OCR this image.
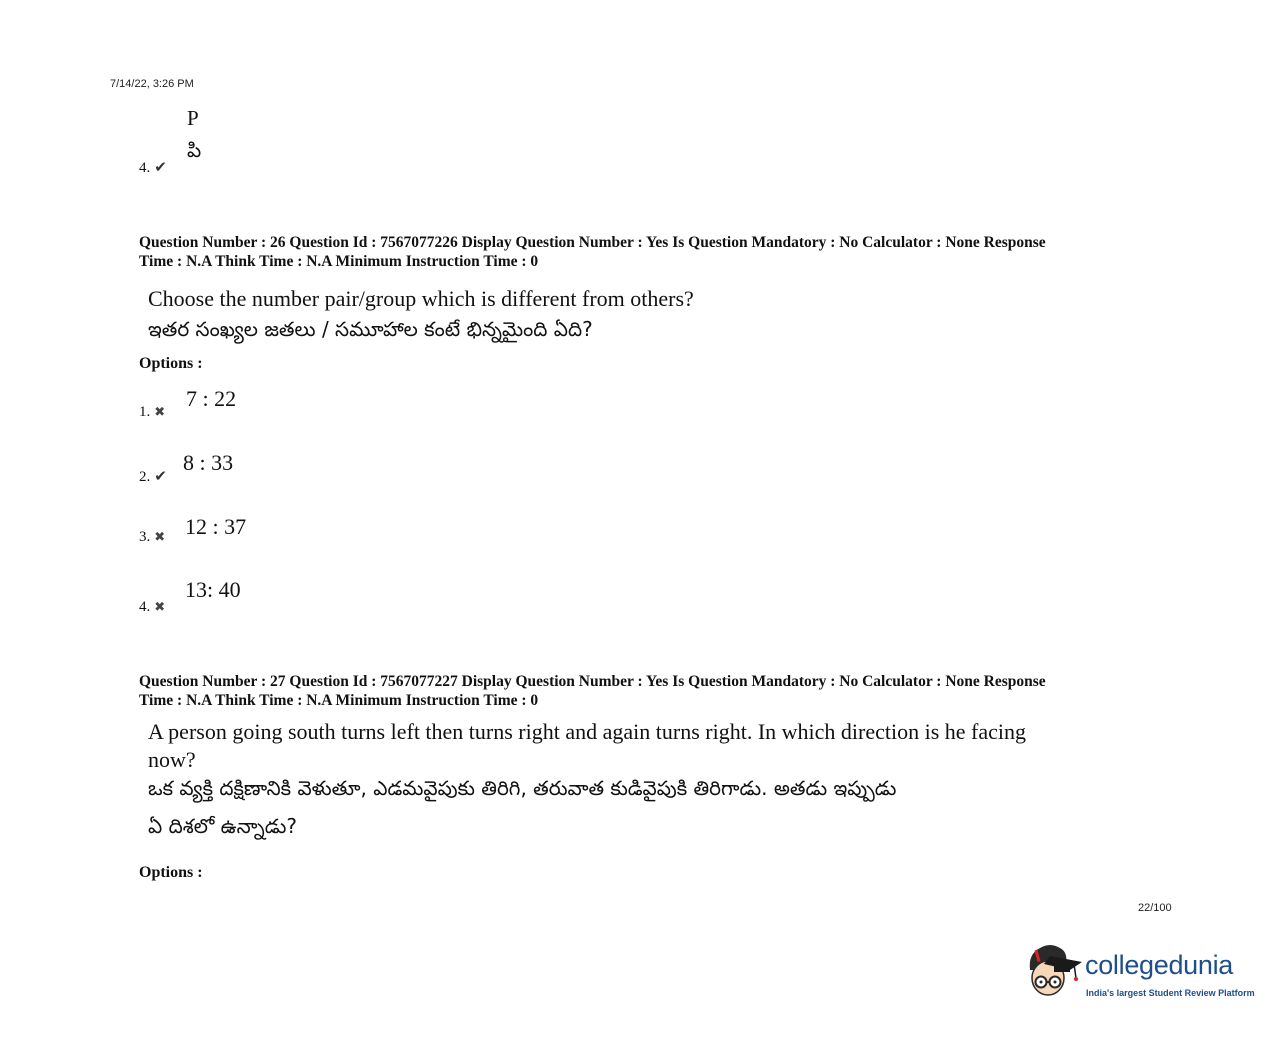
7/14/22, 3:26 PM
P
పి
4. ✔
Question Number : 26 Question Id : 7567077226 Display Question Number : Yes Is Question Mandatory : No Calculator : None Response
Time : N.A Think Time : N.A Minimum Instruction Time : 0
Choose the number pair/group which is different from others?
ఇతర సంఖ్యల జతలు / సమూహాల కంటే భిన్నమైంది ఏది?
Options :
1. ✖
7 : 22
2. ✔
8 : 33
3. ✖ 12 : 37
4. ✖
13: 40
Question Number : 27 Question Id : 7567077227 Display Question Number : Yes Is Question Mandatory : No Calculator : None Response
Time : N.A Think Time : N.A Minimum Instruction Time : 0
A person going south turns left then turns right and again turns right. In which direction is he facing
now?
ఒక వ్యక్తి దక్షిణానికి వెళుతూ, ఎడమవైపుకు తిరిగి, తరువాత కుడివైపుకి తిరిగాడు. అతడు ఇప్పుడు
ఏ దిశలో ఉన్నాడు?
Options :
22/100
collegedunia
India's largest Student Review Platform
